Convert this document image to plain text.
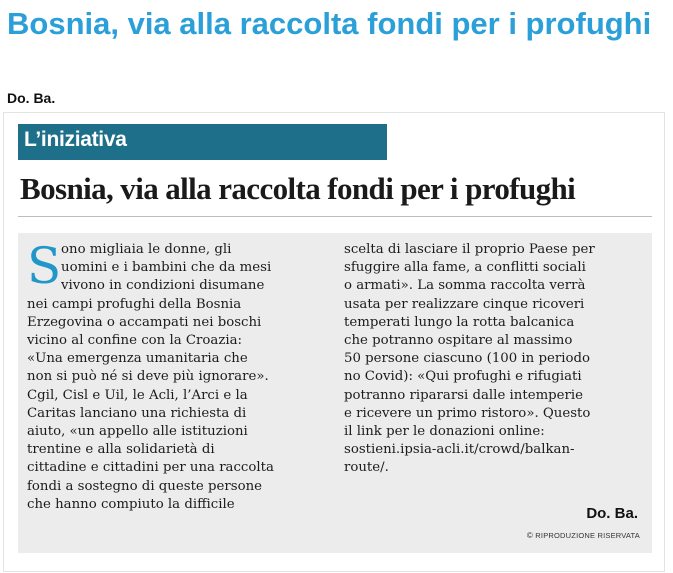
Bosnia, via alla raccolta fondi per i profughi
Do. Ba.
L’iniziativa
Bosnia, via alla raccolta fondi per i profughi
S ono migliaia le donne, gli
uomini e i bambini che da mesi
vivono in condizioni disumane
nei campi profughi della Bosnia
Erzegovina o accampati nei boschi
vicino al confine con la Croazia:
«Una emergenza umanitaria che
non si può né si deve più ignorare».
Cgil, Cisl e Uil, le Acli, l’Arci e la
Caritas lanciano una richiesta di
aiuto, «un appello alle istituzioni
trentine e alla solidarietà di
cittadine e cittadini per una raccolta
fondi a sostegno di queste persone
che hanno compiuto la difficile
scelta di lasciare il proprio Paese per
sfuggire alla fame, a conflitti sociali
o armati». La somma raccolta verrà
usata per realizzare cinque ricoveri
temperati lungo la rotta balcanica
che potranno ospitare al massimo
50 persone ciascuno (100 in periodo
no Covid): «Qui profughi e rifugiati
potranno ripararsi dalle intemperie
e ricevere un primo ristoro». Questo
il link per le donazioni online:
sostieni.ipsia-acli.it/crowd/balkan-
route/.
Do. Ba.
© RIPRODUZIONE RISERVATA
